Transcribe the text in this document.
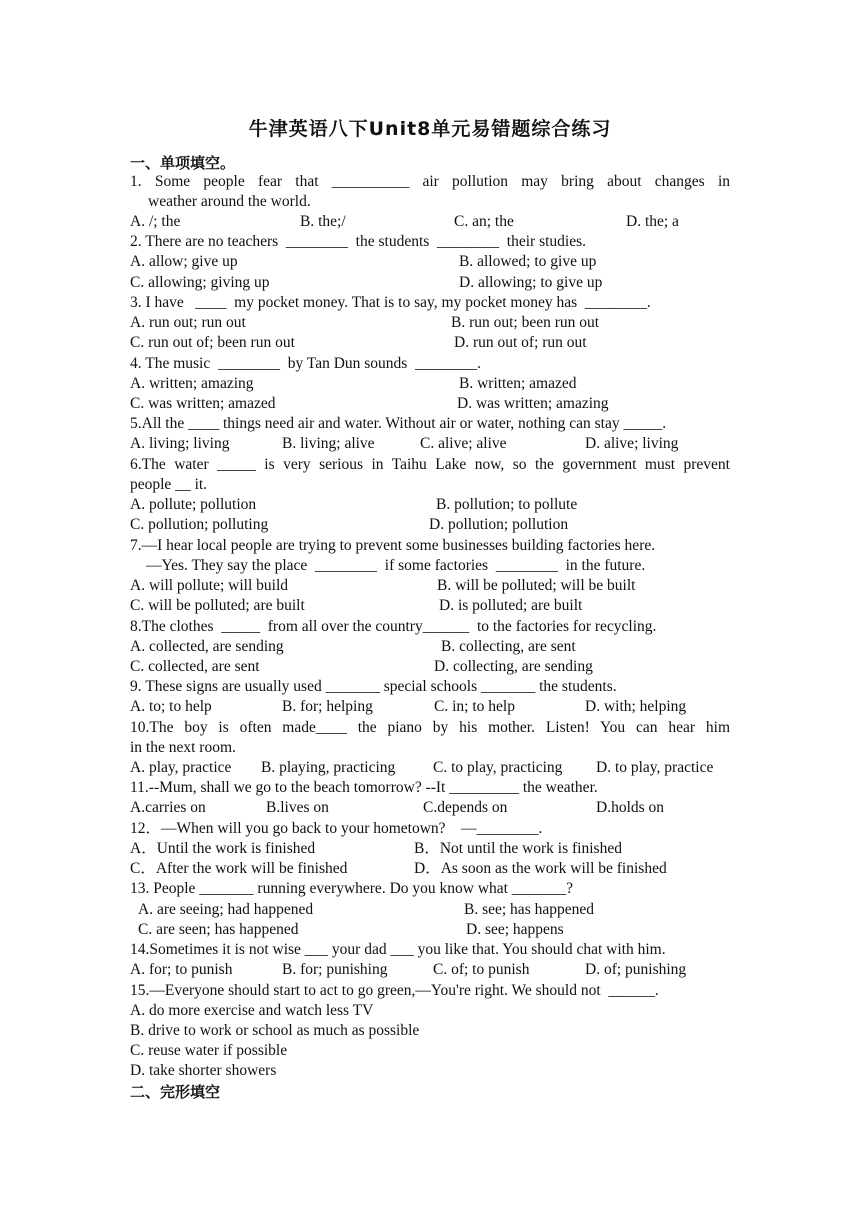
牛津英语八下Unit8单元易错题综合练习
一、单项填空。
1. Some people fear that __________ air pollution may bring about changes in
weather around the world.
A. /; the	B. the;/	C. an; the	D. the; a
2. There are no teachers  ________  the students  ________  their studies.
A. allow; give up	B. allowed; to give up
C. allowing; giving up	D. allowing; to give up
3. I have   ____  my pocket money. That is to say, my pocket money has  ________.
A. run out; run out	B. run out; been run out
C. run out of; been run out	D. run out of; run out
4. The music  ________  by Tan Dun sounds  ________.
A. written; amazing	B. written; amazed
C. was written; amazed	D. was written; amazing
5.All the ____ things need air and water. Without air or water, nothing can stay _____.
A. living; living	B. living; alive	C. alive; alive	D. alive; living
6.The water _____ is very serious in Taihu Lake now, so the government must prevent
people __ it.
A. pollute; pollution	B. pollution; to pollute
C. pollution; polluting	D. pollution; pollution
7.—I hear local people are trying to prevent some businesses building factories here.
—Yes. They say the place  ________  if some factories  ________  in the future.
A. will pollute; will build	B. will be polluted; will be built
C. will be polluted; are built	D. is polluted; are built
8.The clothes  _____  from all over the country______  to the factories for recycling.
A. collected, are sending	B. collecting, are sent
C. collected, are sent	D. collecting, are sending
9. These signs are usually used _______ special schools _______ the students.
A. to; to help	B. for; helping	C. in; to help	D. with; helping
10.The boy is often made____ the piano by his mother. Listen! You can hear him
in the next room.
A. play, practice B. playing, practicing C. to play, practicing D. to play, practice
11.--Mum, shall we go to the beach tomorrow? --It _________ the weather.
A.carries on	B.lives on	C.depends on	D.holds on
12．—When will you go back to your hometown?    —________.
A．Until the work is finished	B．Not until the work is finished
C．After the work will be finished	D．As soon as the work will be finished
13. People _______ running everywhere. Do you know what _______?
A. are seeing; had happened	B. see; has happened
C. are seen; has happened	D. see; happens
14.Sometimes it is not wise ___ your dad ___ you like that. You should chat with him.
A. for; to punish	B. for; punishing	C. of; to punish	D. of; punishing
15.—Everyone should start to act to go green,—You're right. We should not  ______.
A. do more exercise and watch less TV
B. drive to work or school as much as possible
C. reuse water if possible
D. take shorter showers
二、完形填空
